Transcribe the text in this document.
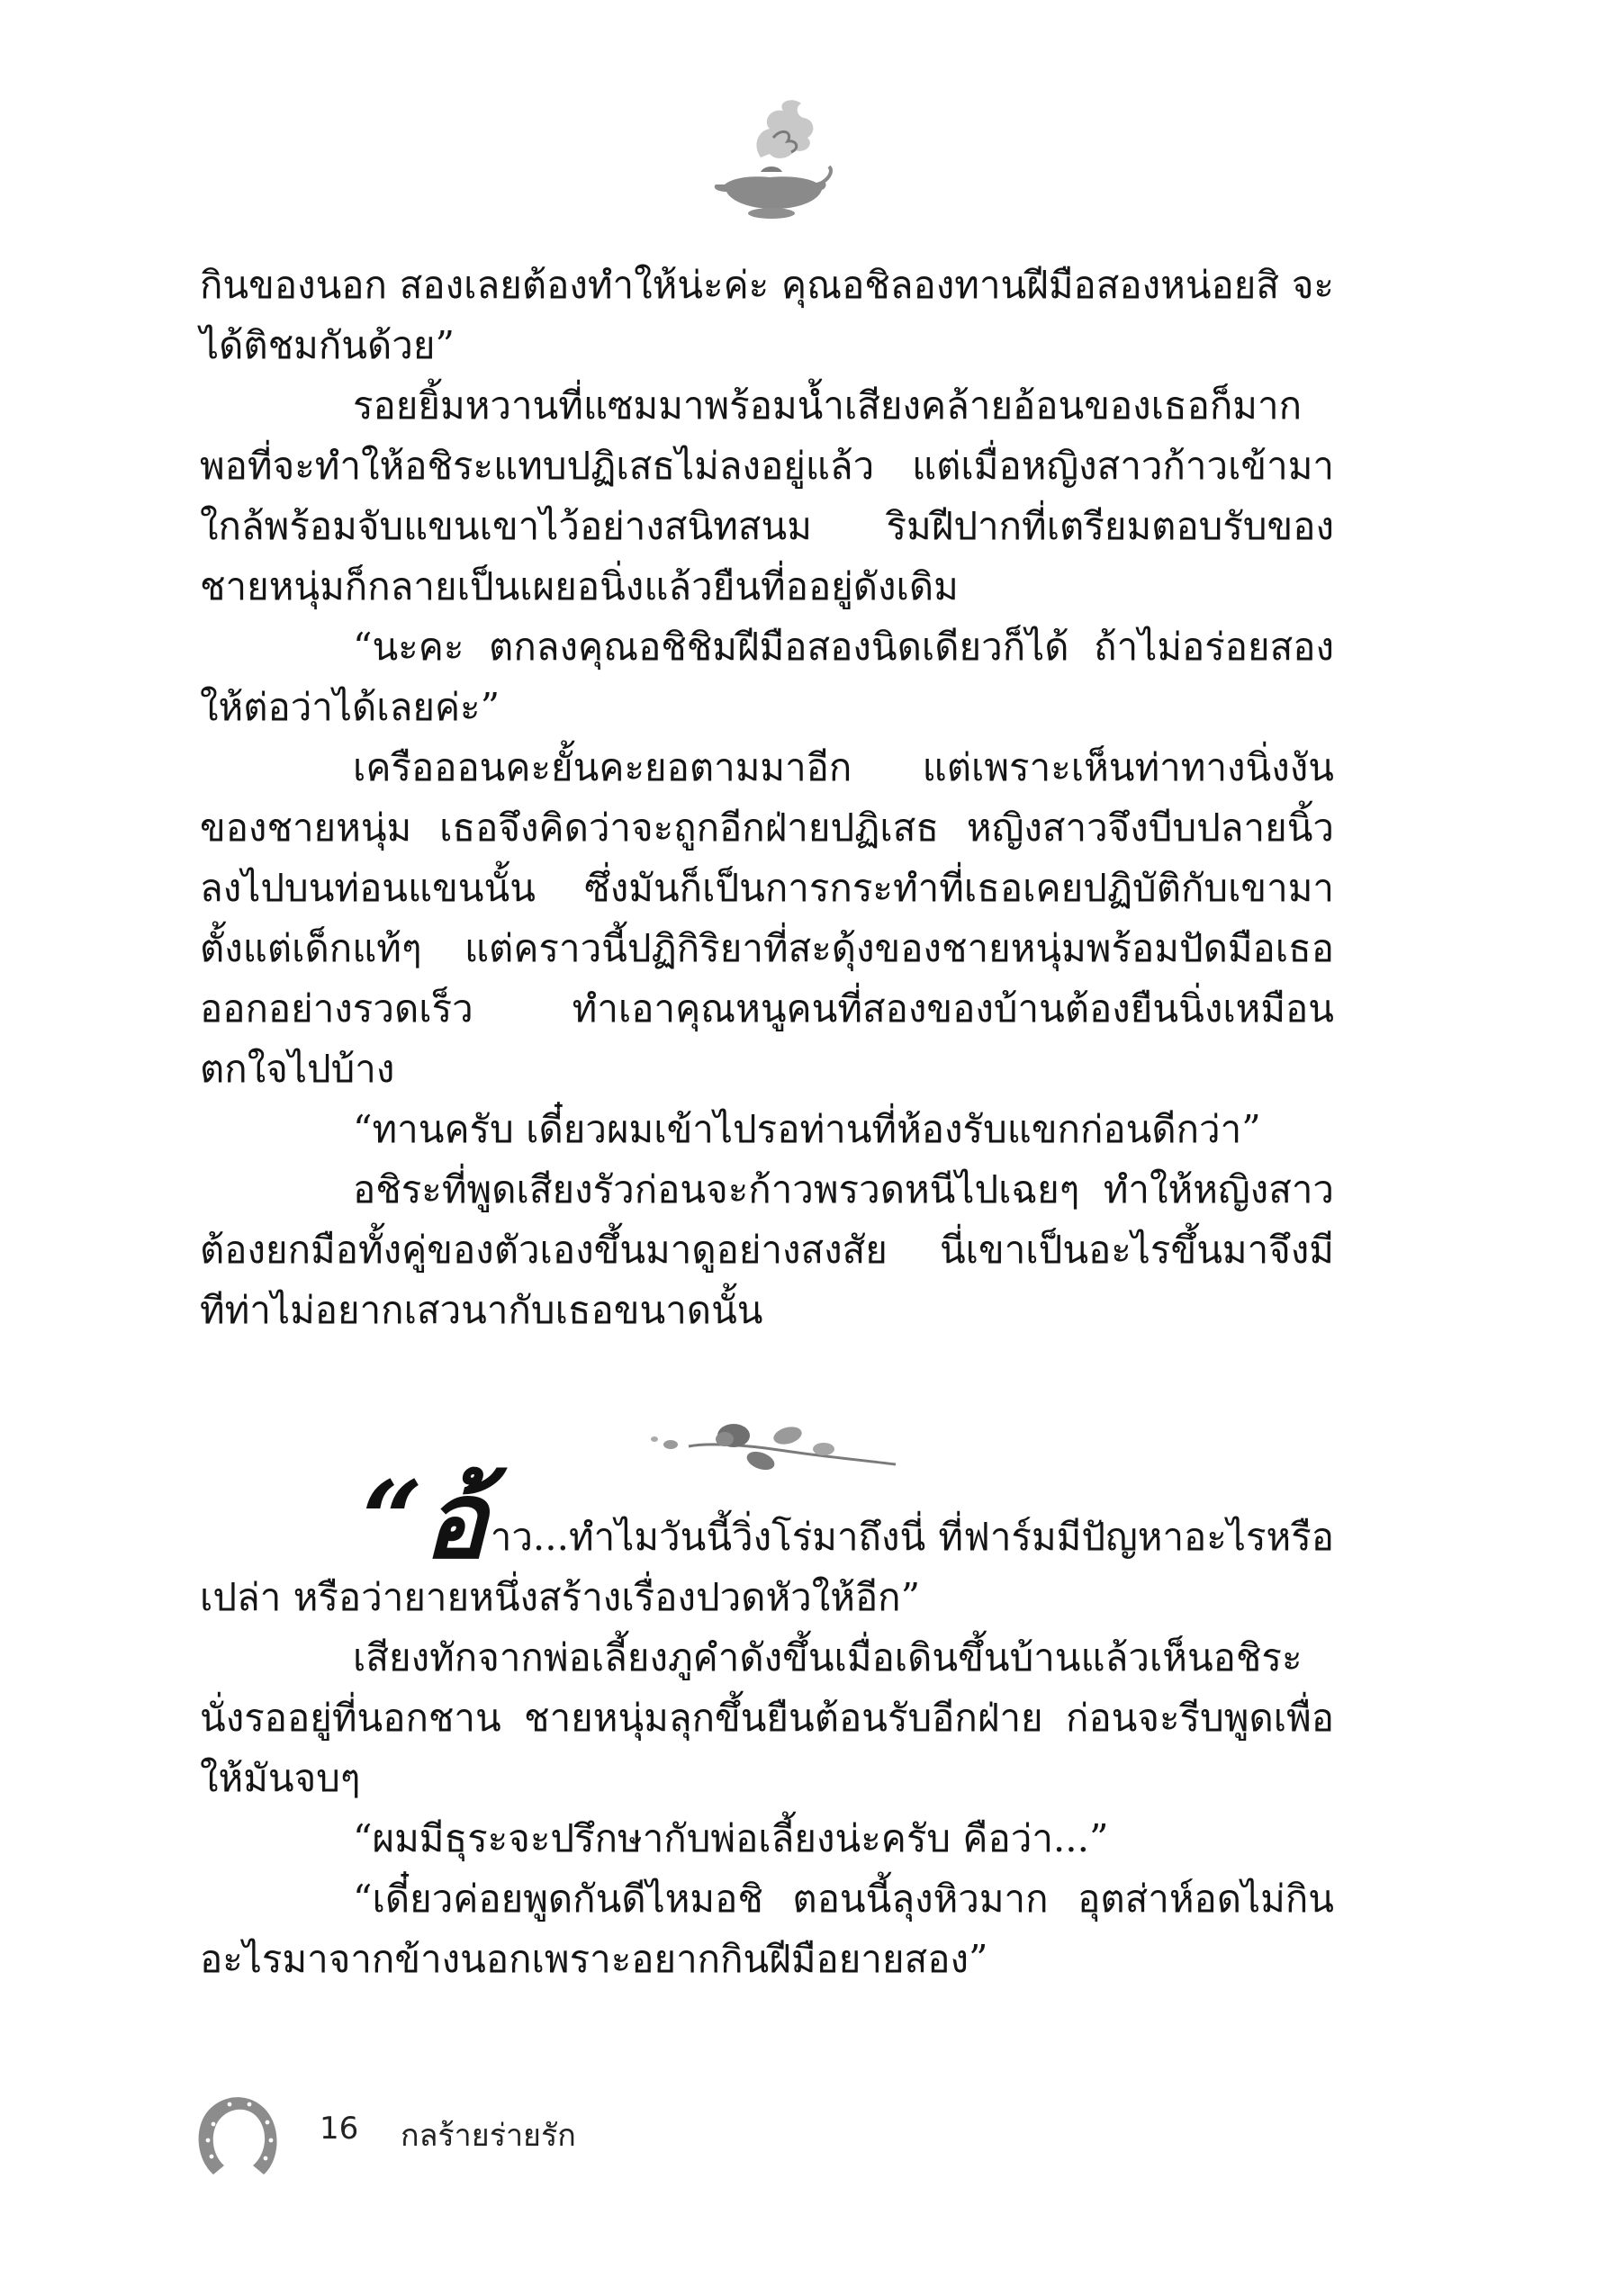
กินของนอก สองเลยต้องทำให้น่ะค่ะ คุณอชิลองทานฝีมือสองหน่อยสิ จะได้ติชมกันด้วย”

รอยยิ้มหวานที่แซมมาพร้อมน้ำเสียงคล้ายอ้อนของเธอก็มากพอที่จะทำให้อชิระแทบปฏิเสธไม่ลงอยู่แล้ว แต่เมื่อหญิงสาวก้าวเข้ามาใกล้พร้อมจับแขนเขาไว้อย่างสนิทสนม ริมฝีปากที่เตรียมตอบรับของชายหนุ่มก็กลายเป็นเผยอนิ่งแล้วยืนที่ออยู่ดังเดิม

“นะคะ ตกลงคุณอชิชิมฝีมือสองนิดเดียวก็ได้ ถ้าไม่อร่อยสองให้ต่อว่าได้เลยค่ะ”

เครือออนคะยั้นคะยอตามมาอีก แต่เพราะเห็นท่าทางนิ่งงันของชายหนุ่ม เธอจึงคิดว่าจะถูกอีกฝ่ายปฏิเสธ หญิงสาวจึงบีบปลายนิ้วลงไปบนท่อนแขนนั้น ซึ่งมันก็เป็นการกระทำที่เธอเคยปฏิบัติกับเขามาตั้งแต่เด็กแท้ๆ แต่คราวนี้ปฏิกิริยาที่สะดุ้งของชายหนุ่มพร้อมปัดมือเธอออกอย่างรวดเร็ว ทำเอาคุณหนูคนที่สองของบ้านต้องยืนนิ่งเหมือนตกใจไปบ้าง

“ทานครับ เดี๋ยวผมเข้าไปรอท่านที่ห้องรับแขกก่อนดีกว่า”

อชิระที่พูดเสียงรัวก่อนจะก้าวพรวดหนีไปเฉยๆ ทำให้หญิงสาวต้องยกมือทั้งคู่ของตัวเองขึ้นมาดูอย่างสงสัย นี่เขาเป็นอะไรขึ้นมาจึงมีทีท่าไม่อยากเสวนากับเธอขนาดนั้น

“อ้าว...ทำไมวันนี้วิ่งโร่มาถึงนี่ ที่ฟาร์มมีปัญหาอะไรหรือเปล่า หรือว่ายายหนึ่งสร้างเรื่องปวดหัวให้อีก”

เสียงทักจากพ่อเลี้ยงภูคำดังขึ้นเมื่อเดินขึ้นบ้านแล้วเห็นอชิระนั่งรออยู่ที่นอกชาน ชายหนุ่มลุกขึ้นยืนต้อนรับอีกฝ่าย ก่อนจะรีบพูดเพื่อให้มันจบๆ

“ผมมีธุระจะปรึกษากับพ่อเลี้ยงน่ะครับ คือว่า...”

“เดี๋ยวค่อยพูดกันดีไหมอชิ ตอนนี้ลุงหิวมาก อุตส่าห์อดไม่กินอะไรมาจากข้างนอกเพราะอยากกินฝีมือยายสอง”

16 กลร้ายร่ายรัก
